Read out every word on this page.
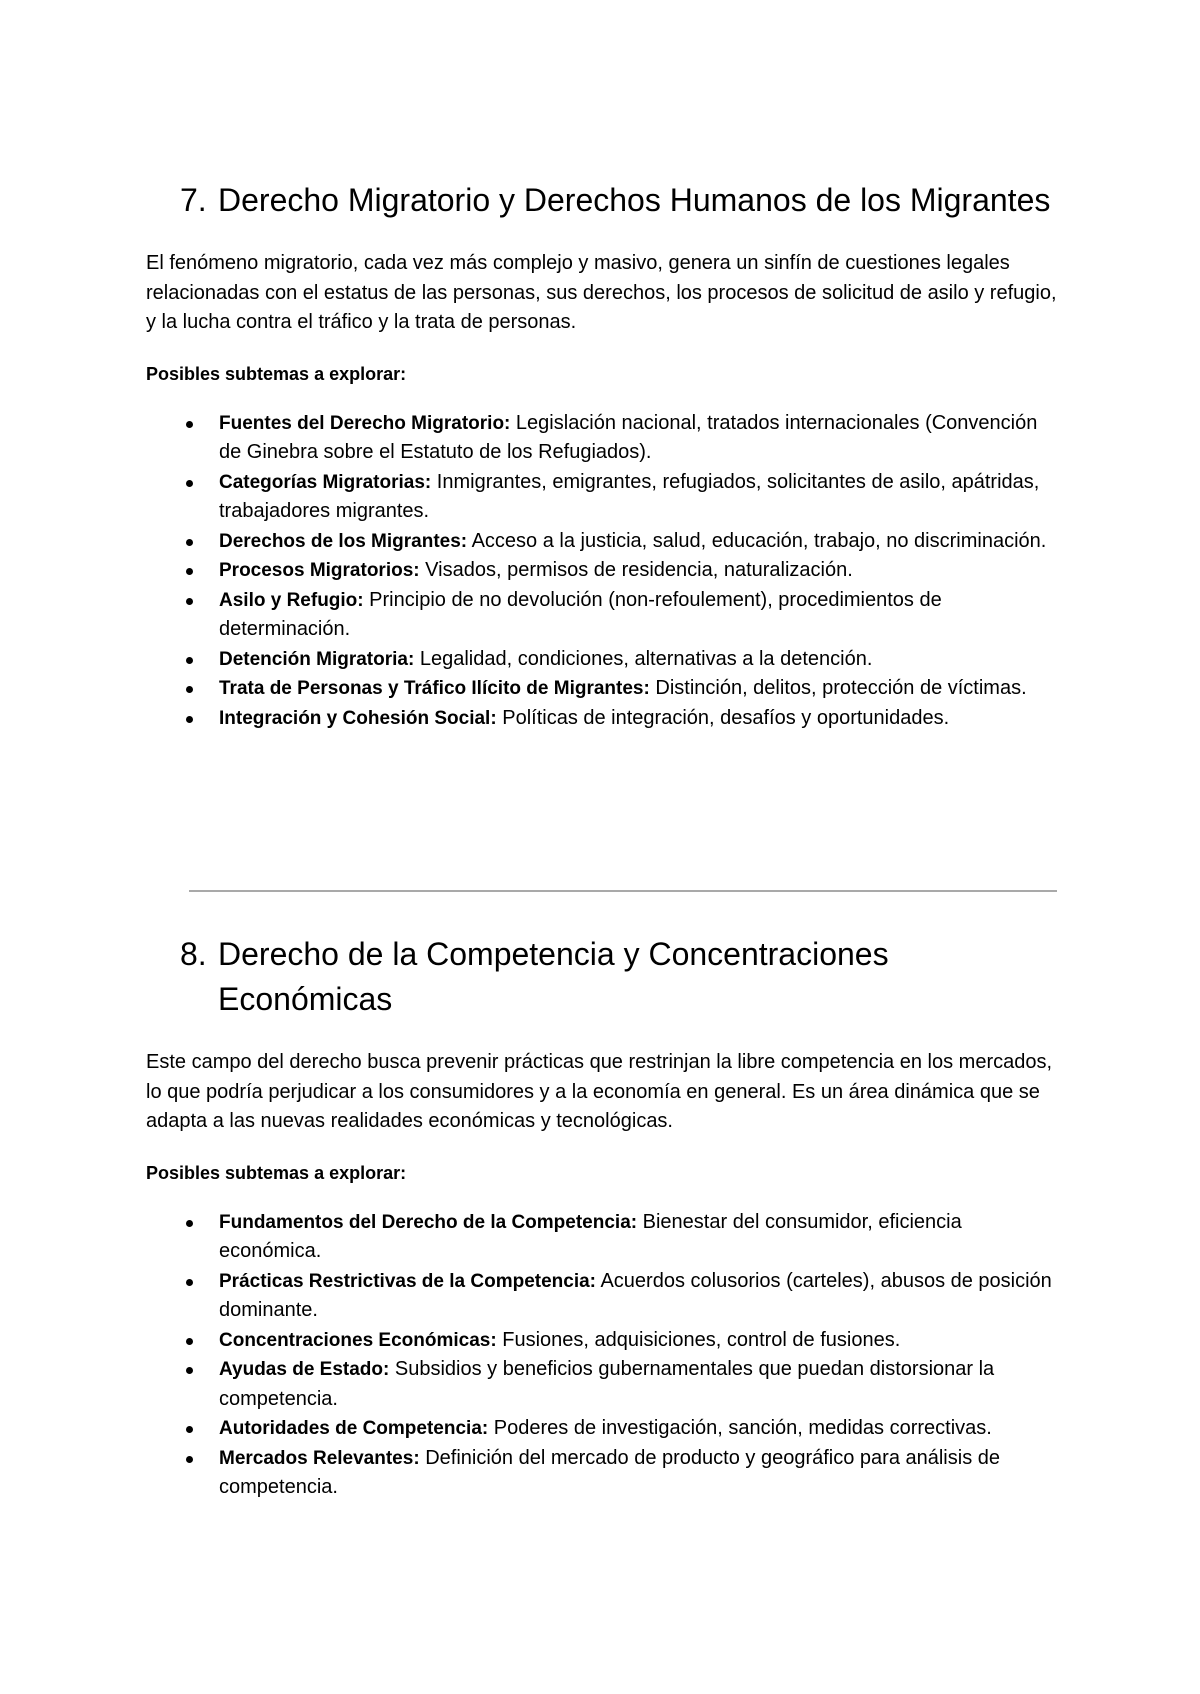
7. Derecho Migratorio y Derechos Humanos de los Migrantes

El fenómeno migratorio, cada vez más complejo y masivo, genera un sinfín de cuestiones legales relacionadas con el estatus de las personas, sus derechos, los procesos de solicitud de asilo y refugio, y la lucha contra el tráfico y la trata de personas.

Posibles subtemas a explorar:

Fuentes del Derecho Migratorio: Legislación nacional, tratados internacionales (Convención de Ginebra sobre el Estatuto de los Refugiados).
Categorías Migratorias: Inmigrantes, emigrantes, refugiados, solicitantes de asilo, apátridas, trabajadores migrantes.
Derechos de los Migrantes: Acceso a la justicia, salud, educación, trabajo, no discriminación.
Procesos Migratorios: Visados, permisos de residencia, naturalización.
Asilo y Refugio: Principio de no devolución (non-refoulement), procedimientos de determinación.
Detención Migratoria: Legalidad, condiciones, alternativas a la detención.
Trata de Personas y Tráfico Ilícito de Migrantes: Distinción, delitos, protección de víctimas.
Integración y Cohesión Social: Políticas de integración, desafíos y oportunidades.
8. Derecho de la Competencia y Concentraciones Económicas

Este campo del derecho busca prevenir prácticas que restrinjan la libre competencia en los mercados, lo que podría perjudicar a los consumidores y a la economía en general. Es un área dinámica que se adapta a las nuevas realidades económicas y tecnológicas.

Posibles subtemas a explorar:

Fundamentos del Derecho de la Competencia: Bienestar del consumidor, eficiencia económica.
Prácticas Restrictivas de la Competencia: Acuerdos colusorios (carteles), abusos de posición dominante.
Concentraciones Económicas: Fusiones, adquisiciones, control de fusiones.
Ayudas de Estado: Subsidios y beneficios gubernamentales que puedan distorsionar la competencia.
Autoridades de Competencia: Poderes de investigación, sanción, medidas correctivas.
Mercados Relevantes: Definición del mercado de producto y geográfico para análisis de competencia.
